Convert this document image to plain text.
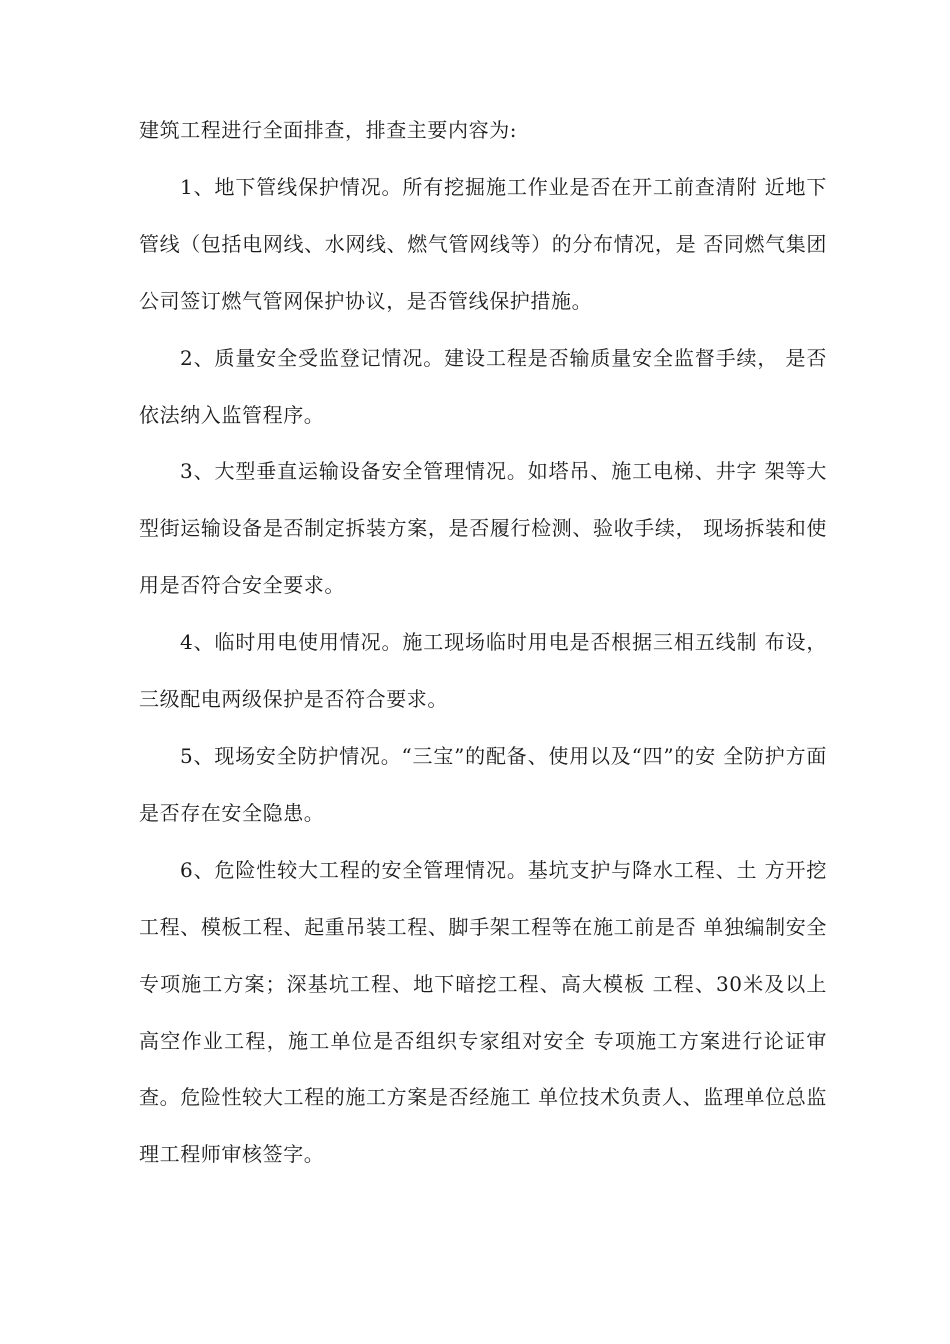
建筑工程进行全面排查，排查主要内容为:

1、地下管线保护情况。所有挖掘施工作业是否在开工前查清附 近地下管线（包括电网线、水网线、燃气管网线等）的分布情况，是 否同燃气集团公司签订燃气管网保护协议，是否管线保护措施。

2、质量安全受监登记情况。建设工程是否输质量安全监督手续， 是否依法纳入监管程序。

3、大型垂直运输设备安全管理情况。如塔吊、施工电梯、井字 架等大型街运输设备是否制定拆装方案，是否履行检测、验收手续， 现场拆装和使用是否符合安全要求。

4、临时用电使用情况。施工现场临时用电是否根据三相五线制 布设，三级配电两级保护是否符合要求。

5、现场安全防护情况。“三宝”的配备、使用以及“四”的安 全防护方面是否存在安全隐患。

6、危险性较大工程的安全管理情况。基坑支护与降水工程、土 方开挖工程、模板工程、起重吊装工程、脚手架工程等在施工前是否 单独编制安全专项施工方案；深基坑工程、地下暗挖工程、高大模板 工程、30米及以上高空作业工程，施工单位是否组织专家组对安全 专项施工方案进行论证审查。危险性较大工程的施工方案是否经施工 单位技术负责人、监理单位总监理工程师审核签字。
